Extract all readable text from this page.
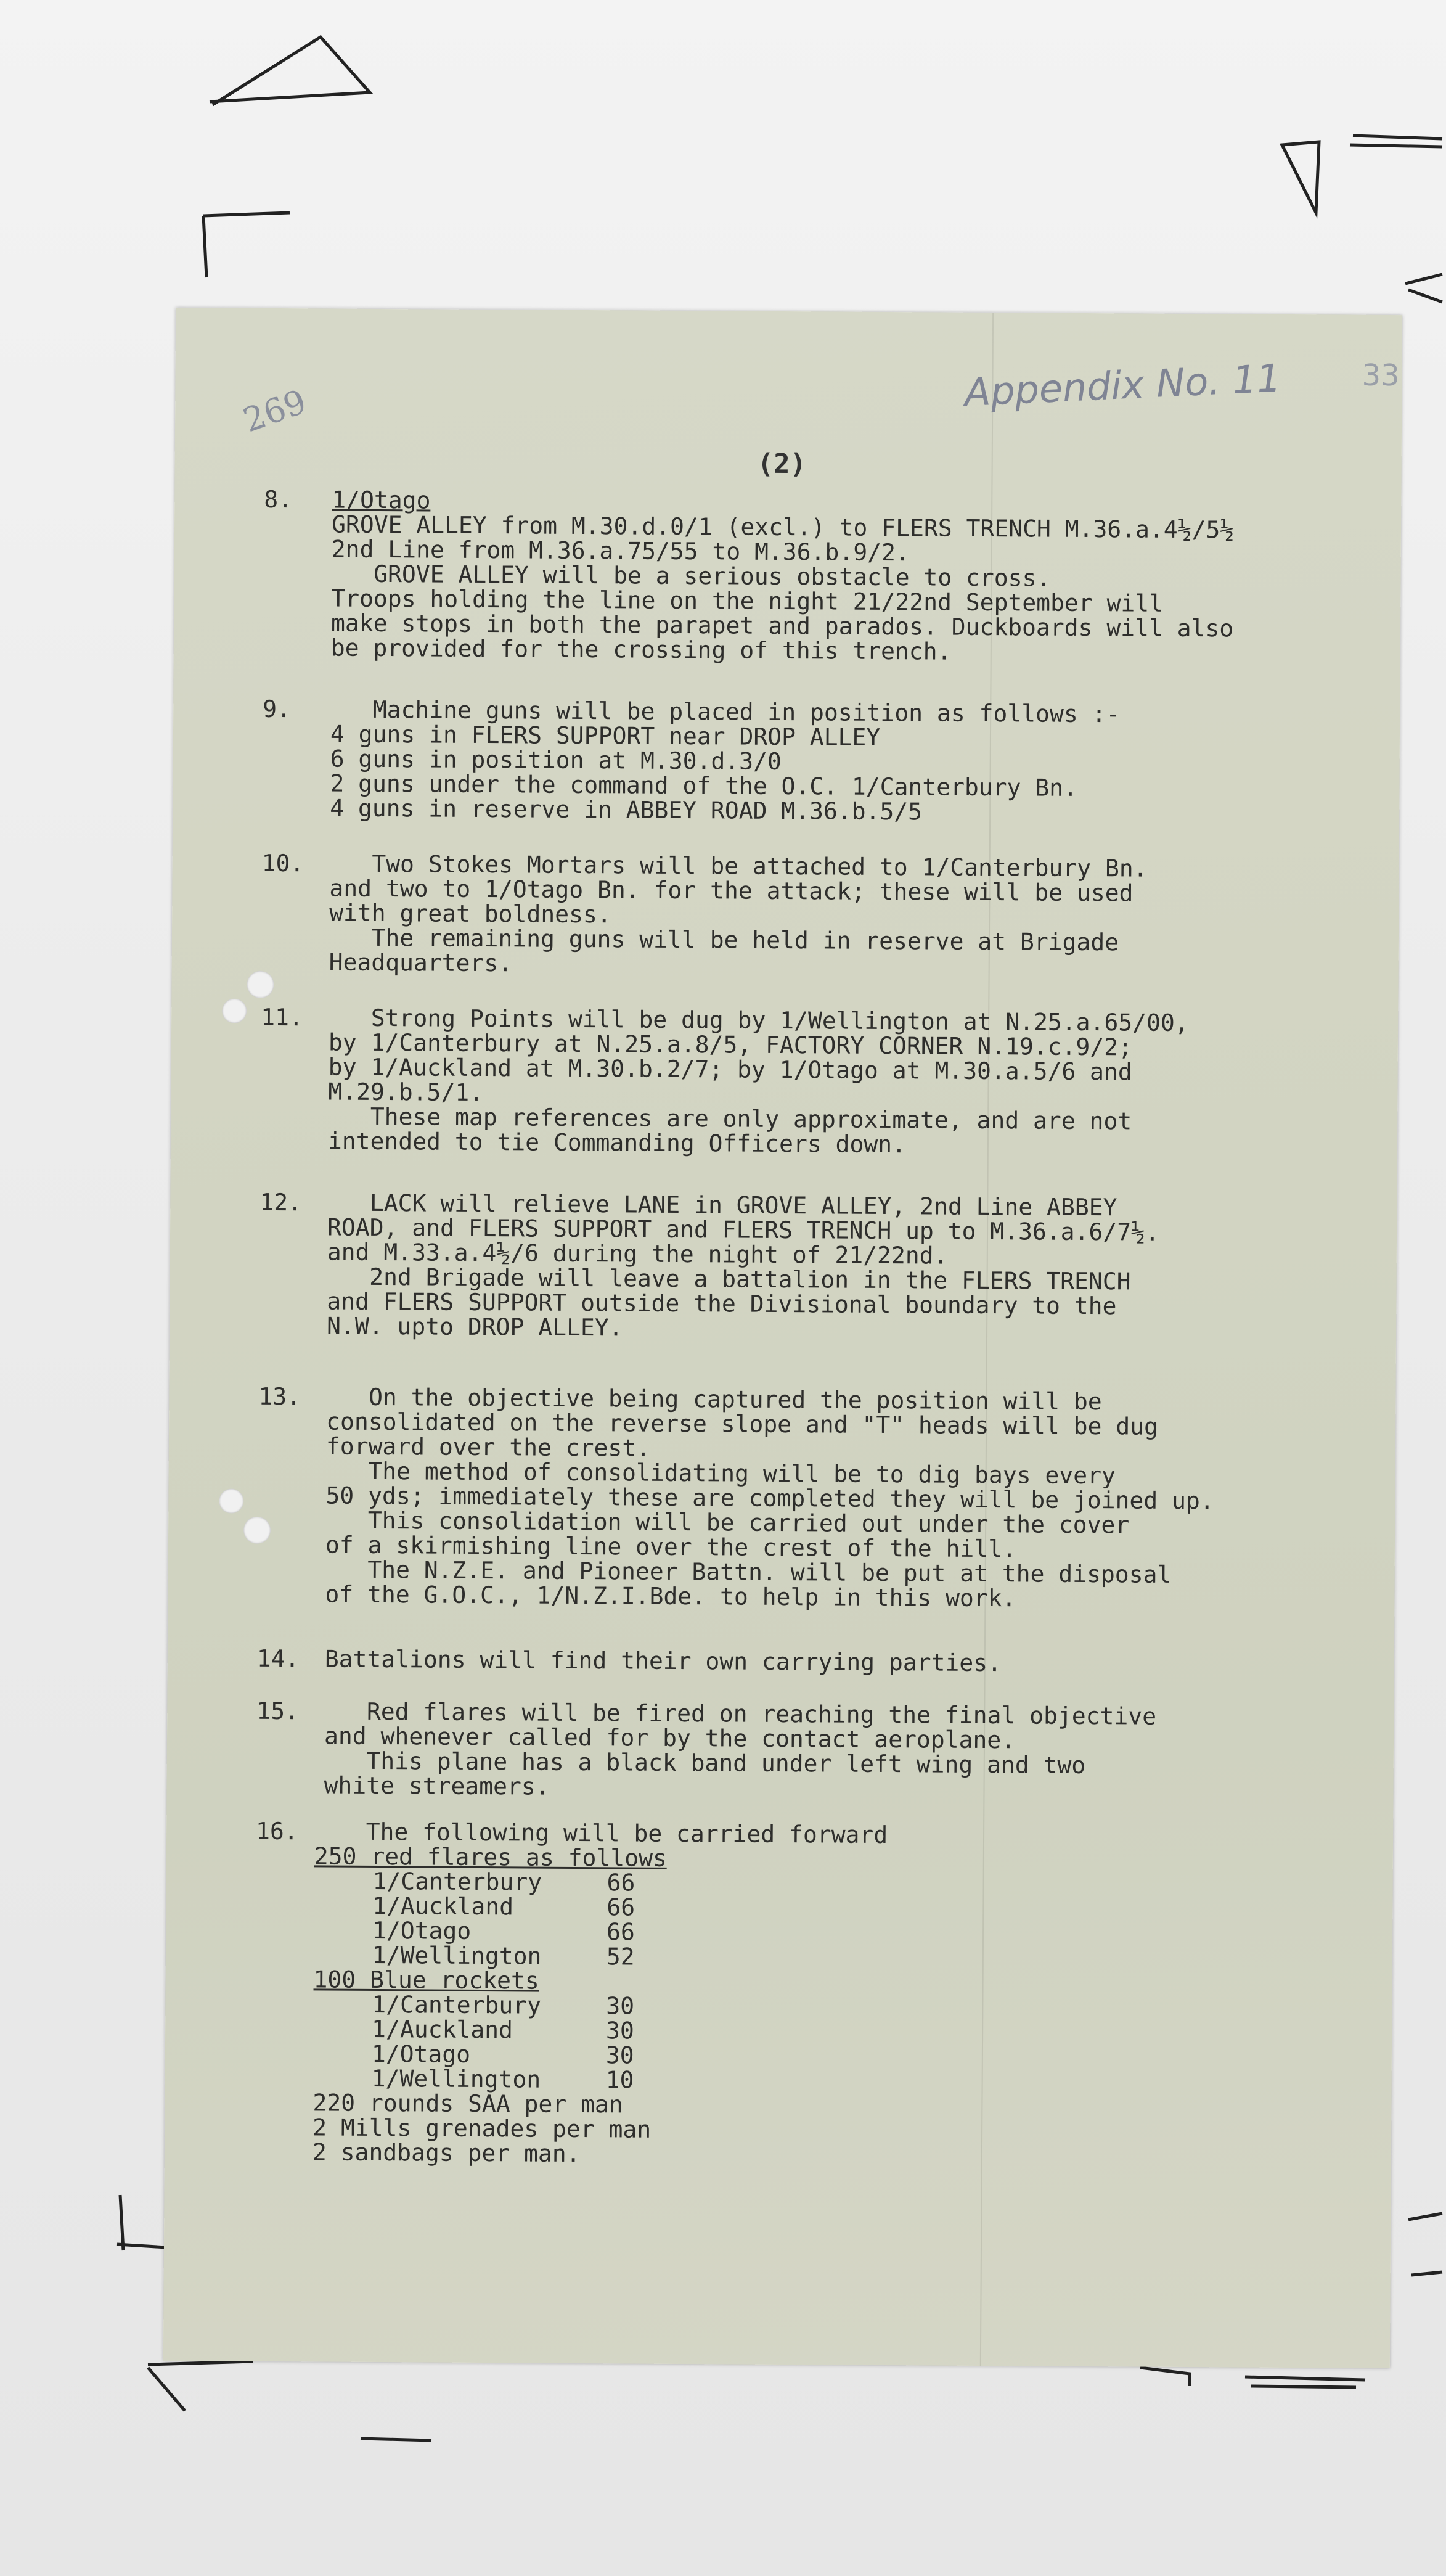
269	Appendix No. 11	33
(2)
8.	1/Otago
GROVE ALLEY from M.30.d.0/1 (excl.) to FLERS TRENCH M.36.a.4½/5½
2nd Line from M.36.a.75/55 to M.36.b.9/2.
GROVE ALLEY will be a serious obstacle to cross.
Troops holding the line on the night 21/22nd September will
make stops in both the parapet and parados. Duckboards will also
be provided for the crossing of this trench.
9.	Machine guns will be placed in position as follows :-
4 guns in FLERS SUPPORT near DROP ALLEY
6 guns in position at M.30.d.3/0
2 guns under the command of the O.C. 1/Canterbury Bn.
4 guns in reserve in ABBEY ROAD M.36.b.5/5
10.	Two Stokes Mortars will be attached to 1/Canterbury Bn.
and two to 1/Otago Bn. for the attack; these will be used
with great boldness.
The remaining guns will be held in reserve at Brigade
Headquarters.
11.	Strong Points will be dug by 1/Wellington at N.25.a.65/00,
by 1/Canterbury at N.25.a.8/5, FACTORY CORNER N.19.c.9/2;
by 1/Auckland at M.30.b.2/7; by 1/Otago at M.30.a.5/6 and
M.29.b.5/1.
These map references are only approximate, and are not
intended to tie Commanding Officers down.
12.	LACK will relieve LANE in GROVE ALLEY, 2nd Line ABBEY
ROAD, and FLERS SUPPORT and FLERS TRENCH up to M.36.a.6/7½.
and M.33.a.4½/6 during the night of 21/22nd.
2nd Brigade will leave a battalion in the FLERS TRENCH
and FLERS SUPPORT outside the Divisional boundary to the
N.W. upto DROP ALLEY.
13.	On the objective being captured the position will be
consolidated on the reverse slope and "T" heads will be dug
forward over the crest.
The method of consolidating will be to dig bays every
50 yds; immediately these are completed they will be joined up.
This consolidation will be carried out under the cover
of a skirmishing line over the crest of the hill.
The N.Z.E. and Pioneer Battn. will be put at the disposal
of the G.O.C., 1/N.Z.I.Bde. to help in this work.
14.	Battalions will find their own carrying parties.
15.	Red flares will be fired on reaching the final objective
and whenever called for by the contact aeroplane.
This plane has a black band under left wing and two
white streamers.
16.	The following will be carried forward
250 red flares as follows
1/Canterbury	66
1/Auckland	66
1/Otago	66
1/Wellington	52
100 Blue rockets
1/Canterbury	30
1/Auckland	30
1/Otago	30
1/Wellington	10
220 rounds SAA per man
2 Mills grenades per man
2 sandbags per man.
